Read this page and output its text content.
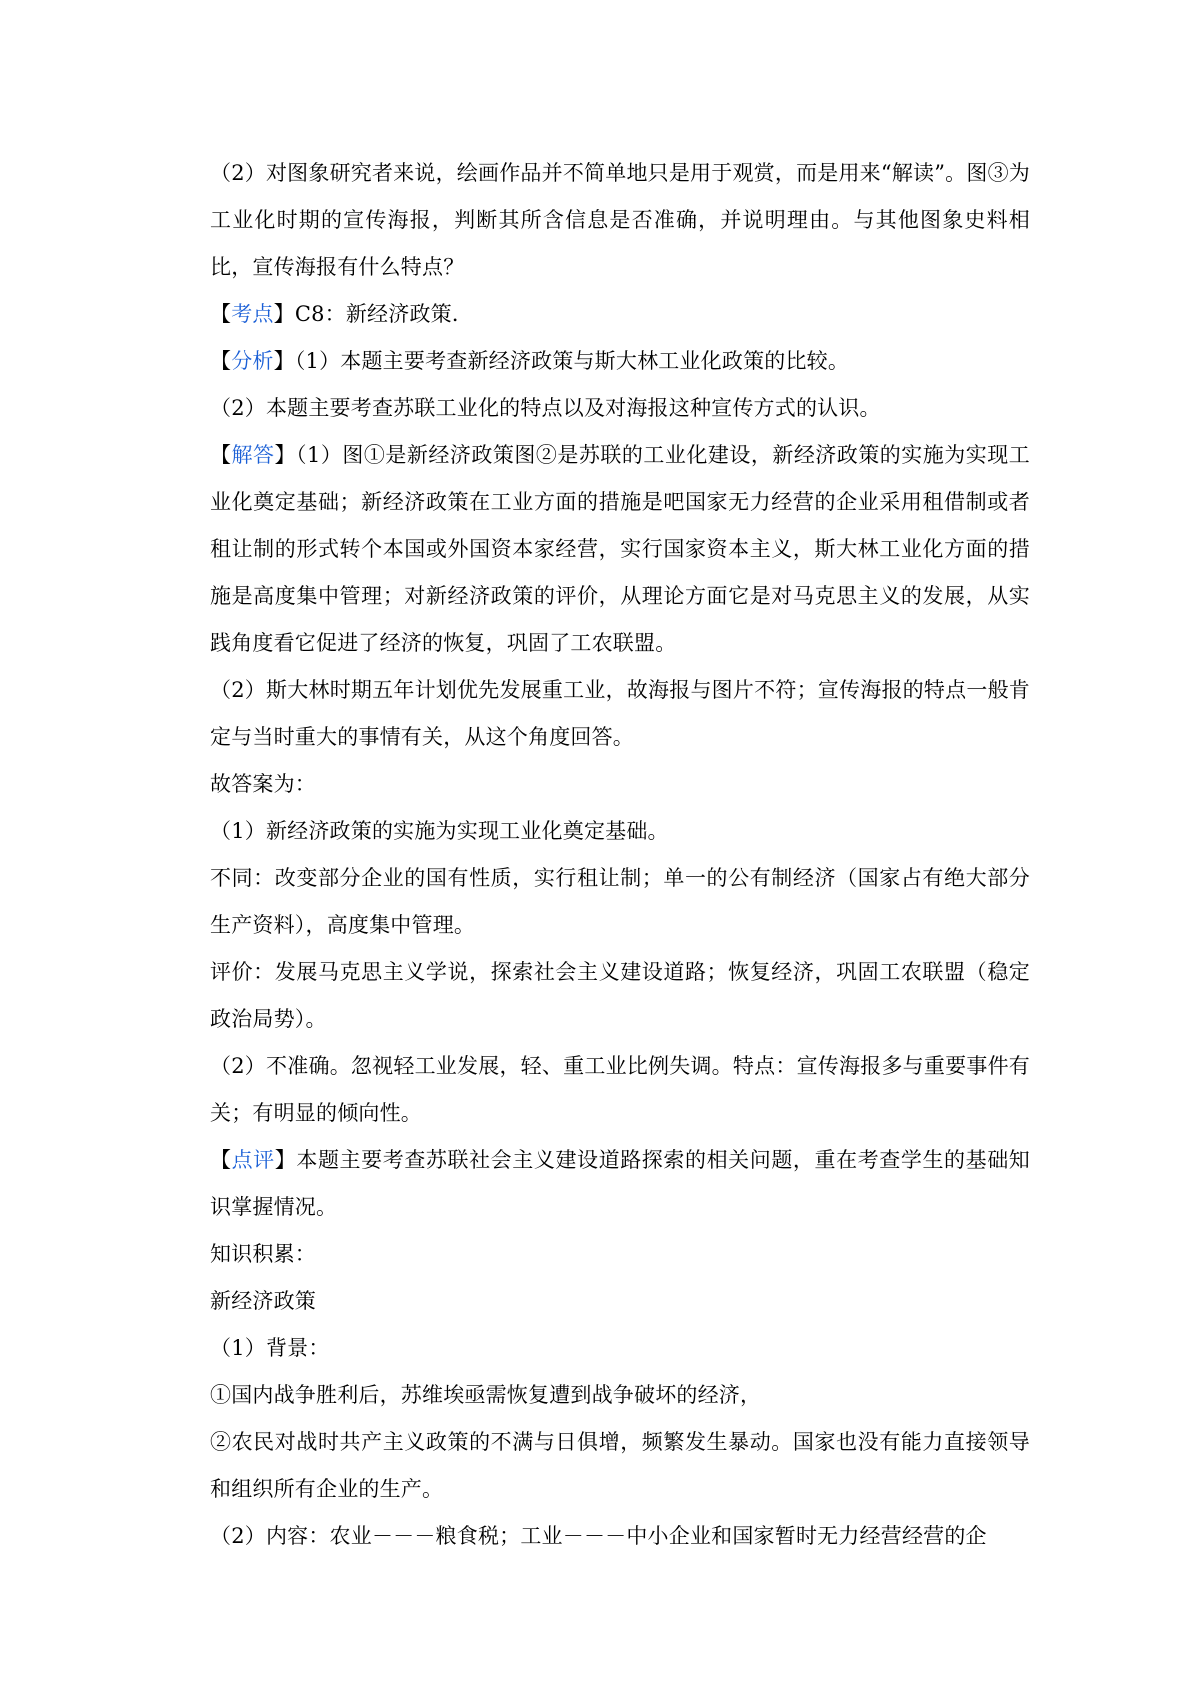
（2）对图象研究者来说，绘画作品并不简单地只是用于观赏，而是用来“解读”。图③为工业化时期的宣传海报，判断其所含信息是否准确，并说明理由。与其他图象史料相比，宣传海报有什么特点？

【考点】C8：新经济政策．

【分析】（1）本题主要考查新经济政策与斯大林工业化政策的比较。

（2）本题主要考查苏联工业化的特点以及对海报这种宣传方式的认识。

【解答】（1）图①是新经济政策图②是苏联的工业化建设，新经济政策的实施为实现工业化奠定基础；新经济政策在工业方面的措施是吧国家无力经营的企业采用租借制或者租让制的形式转个本国或外国资本家经营，实行国家资本主义，斯大林工业化方面的措施是高度集中管理；对新经济政策的评价，从理论方面它是对马克思主义的发展，从实践角度看它促进了经济的恢复，巩固了工农联盟。

（2）斯大林时期五年计划优先发展重工业，故海报与图片不符；宣传海报的特点一般肯定与当时重大的事情有关，从这个角度回答。

故答案为：

（1）新经济政策的实施为实现工业化奠定基础。

不同：改变部分企业的国有性质，实行租让制；单一的公有制经济（国家占有绝大部分生产资料），高度集中管理。

评价：发展马克思主义学说，探索社会主义建设道路；恢复经济，巩固工农联盟（稳定政治局势）。

（2）不准确。忽视轻工业发展，轻、重工业比例失调。特点：宣传海报多与重要事件有关；有明显的倾向性。

【点评】本题主要考查苏联社会主义建设道路探索的相关问题，重在考查学生的基础知识掌握情况。

知识积累：

新经济政策

（1）背景：

①国内战争胜利后，苏维埃亟需恢复遭到战争破坏的经济，

②农民对战时共产主义政策的不满与日俱增，频繁发生暴动。国家也没有能力直接领导和组织所有企业的生产。

（2）内容：农业－－－粮食税；工业－－－中小企业和国家暂时无力经营经营的企
